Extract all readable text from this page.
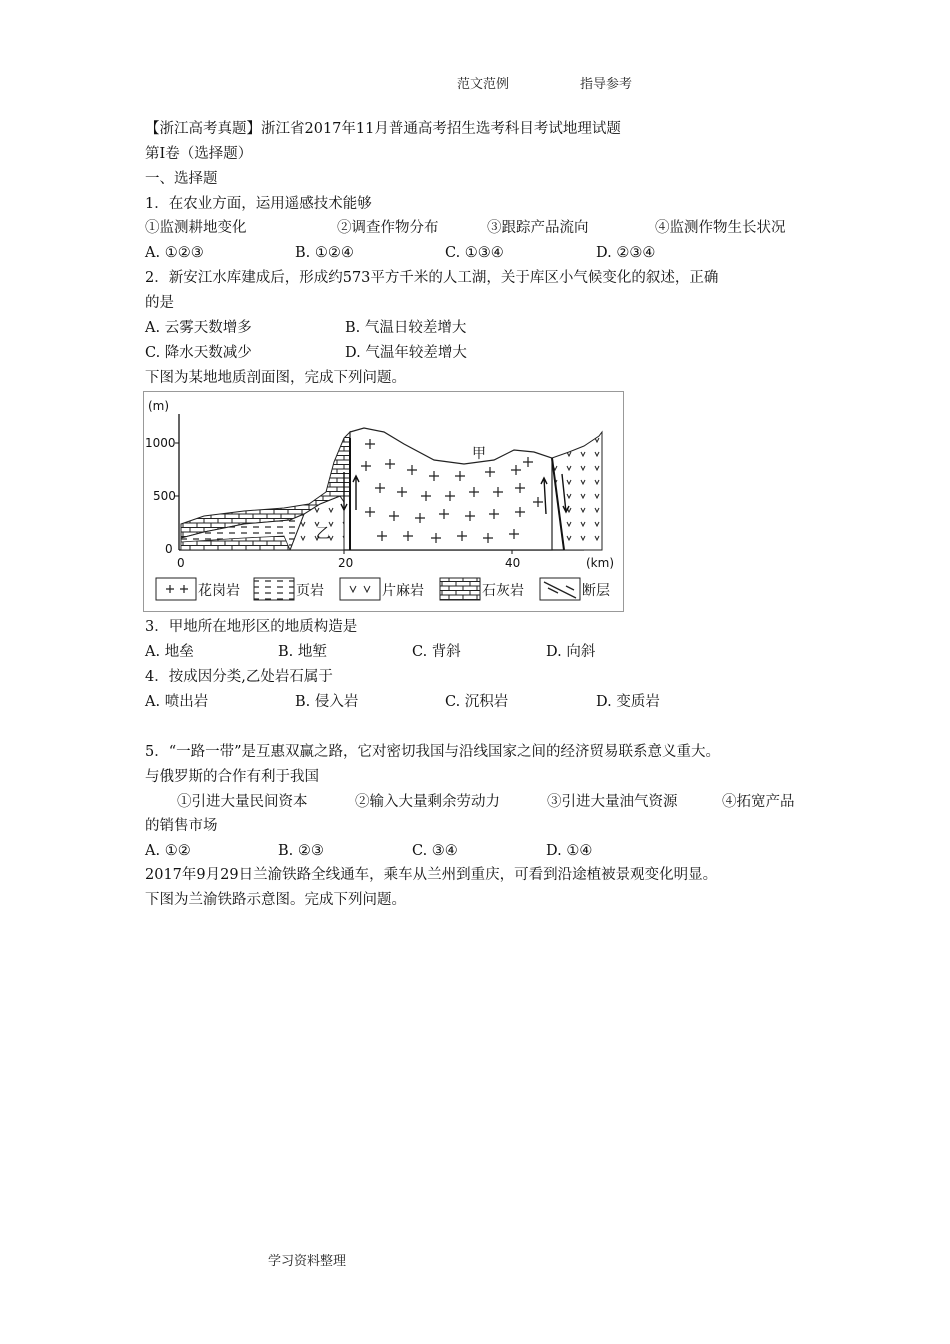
范文范例	指导参考
【浙江高考真题】浙江省2017年11月普通高考招生选考科目考试地理试题
第Ⅰ卷（选择题）
一、选择题
1．在农业方面，运用遥感技术能够
①监测耕地变化	②调查作物分布	③跟踪产品流向	④监测作物生长状况
A. ①②③	B. ①②④	C. ①③④	D. ②③④
2．新安江水库建成后，形成约573平方千米的人工湖，关于库区小气候变化的叙述，正确
的是
A. 云雾天数增多	B. 气温日较差增大
C. 降水天数减少	D. 气温年较差增大
下图为某地地质剖面图，完成下列问题。
(m)
1000
500
0
0	20	40	(km)
甲
乙
花岗岩	页岩	片麻岩	石灰岩	断层
3．甲地所在地形区的地质构造是
A. 地垒	B. 地堑	C. 背斜	D. 向斜
4．按成因分类,乙处岩石属于
A. 喷出岩	B. 侵入岩	C. 沉积岩	D. 变质岩
5．“一路一带”是互惠双赢之路，它对密切我国与沿线国家之间的经济贸易联系意义重大。
与俄罗斯的合作有利于我国
①引进大量民间资本	②输入大量剩余劳动力	③引进大量油气资源	④拓宽产品
的销售市场
A. ①②	B. ②③	C. ③④	D. ①④
2017年9月29日兰渝铁路全线通车，乘车从兰州到重庆，可看到沿途植被景观变化明显。
下图为兰渝铁路示意图。完成下列问题。
学习资料整理
